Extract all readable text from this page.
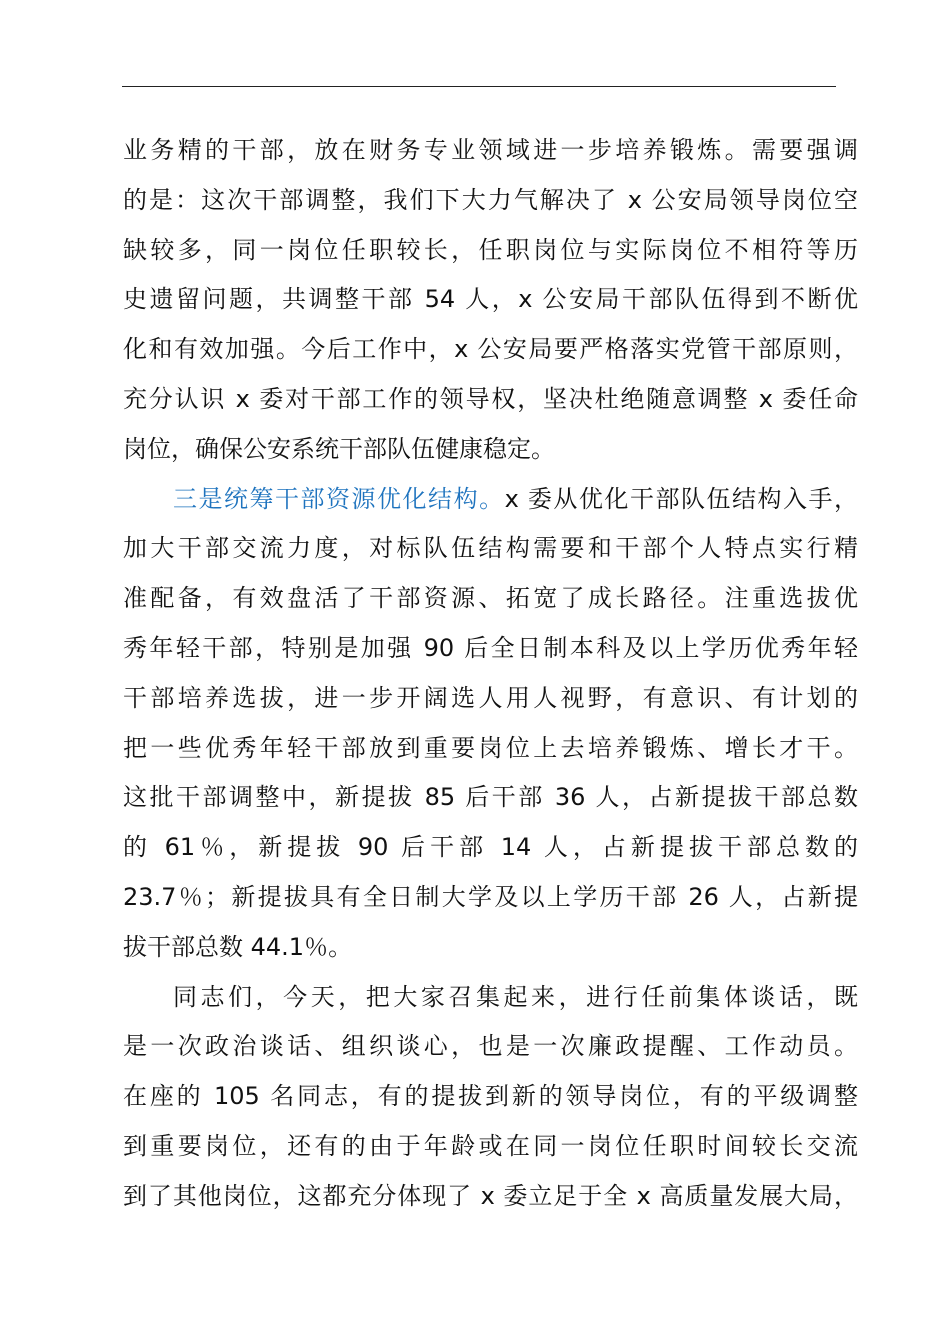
业务精的干部，放在财务专业领域进一步培养锻炼。需要强调
的是：这次干部调整，我们下大力气解决了 x 公安局领导岗位空
缺较多，同一岗位任职较长，任职岗位与实际岗位不相符等历
史遗留问题，共调整干部 54 人，x 公安局干部队伍得到不断优
化和有效加强。今后工作中，x 公安局要严格落实党管干部原则，
充分认识 x 委对干部工作的领导权，坚决杜绝随意调整 x 委任命
岗位，确保公安系统干部队伍健康稳定。
三是统筹干部资源优化结构。x 委从优化干部队伍结构入手，
加大干部交流力度，对标队伍结构需要和干部个人特点实行精
准配备，有效盘活了干部资源、拓宽了成长路径。注重选拔优
秀年轻干部，特别是加强 90 后全日制本科及以上学历优秀年轻
干部培养选拔，进一步开阔选人用人视野，有意识、有计划的
把一些优秀年轻干部放到重要岗位上去培养锻炼、增长才干。
这批干部调整中，新提拔 85 后干部 36 人，占新提拔干部总数
的 61％，新提拔 90 后干部 14 人，占新提拔干部总数的
23.7％；新提拔具有全日制大学及以上学历干部 26 人，占新提
拔干部总数 44.1％。
同志们，今天，把大家召集起来，进行任前集体谈话，既
是一次政治谈话、组织谈心，也是一次廉政提醒、工作动员。
在座的 105 名同志，有的提拔到新的领导岗位，有的平级调整
到重要岗位，还有的由于年龄或在同一岗位任职时间较长交流
到了其他岗位，这都充分体现了 x 委立足于全 x 高质量发展大局，
